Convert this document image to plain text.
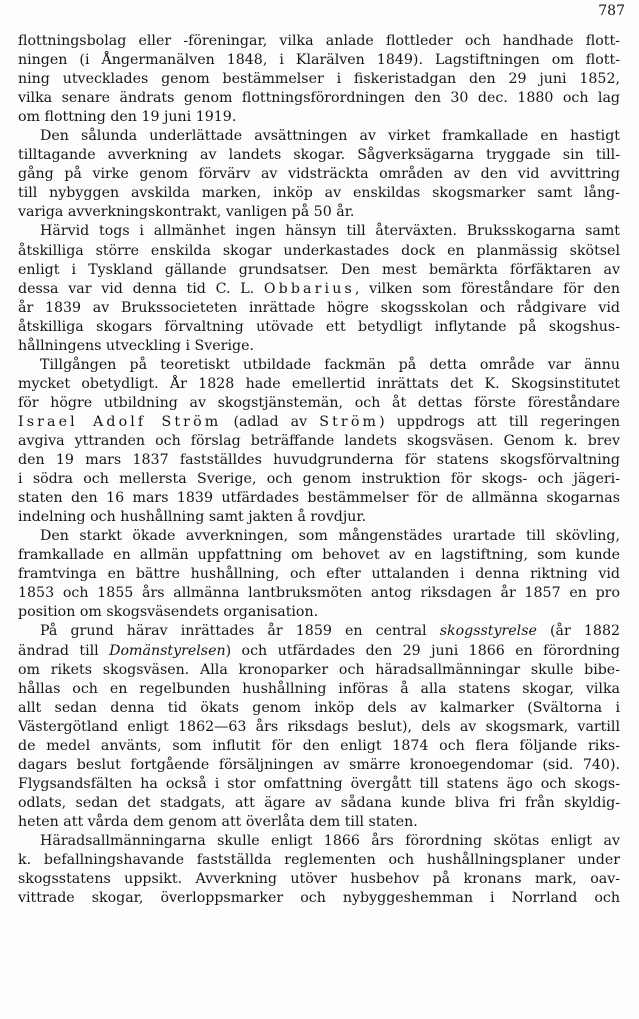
787
flottningsbolag eller -föreningar, vilka anlade flottleder och handhade flott-
ningen (i Ångermanälven 1848, i Klarälven 1849). Lagstiftningen om flott-
ning utvecklades genom bestämmelser i fiskeristadgan den 29 juni 1852,
vilka senare ändrats genom flottningsförordningen den 30 dec. 1880 och lag
om flottning den 19 juni 1919.
Den sålunda underlättade avsättningen av virket framkallade en hastigt
tilltagande avverkning av landets skogar. Sågverksägarna tryggade sin till-
gång på virke genom förvärv av vidsträckta områden av den vid avvittring
till nybyggen avskilda marken, inköp av enskildas skogsmarker samt lång-
variga avverkningskontrakt, vanligen på 50 år.
Härvid togs i allmänhet ingen hänsyn till återväxten. Bruksskogarna samt
åtskilliga större enskilda skogar underkastades dock en planmässig skötsel
enligt i Tyskland gällande grundsatser. Den mest bemärkta förfäktaren av
dessa var vid denna tid C. L. Obbarius, vilken som föreståndare för den
år 1839 av Brukssocieteten inrättade högre skogsskolan och rådgivare vid
åtskilliga skogars förvaltning utövade ett betydligt inflytande på skogshus-
hållningens utveckling i Sverige.
Tillgången på teoretiskt utbildade fackmän på detta område var ännu
mycket obetydligt. År 1828 hade emellertid inrättats det K. Skogsinstitutet
för högre utbildning av skogstjänstemän, och åt dettas förste föreståndare
Israel Adolf Ström (adlad av Ström) uppdrogs att till regeringen
avgiva yttranden och förslag beträffande landets skogsväsen. Genom k. brev
den 19 mars 1837 fastställdes huvudgrunderna för statens skogsförvaltning
i södra och mellersta Sverige, och genom instruktion för skogs- och jägeri-
staten den 16 mars 1839 utfärdades bestämmelser för de allmänna skogarnas
indelning och hushållning samt jakten å rovdjur.
Den starkt ökade avverkningen, som mångenstädes urartade till skövling,
framkallade en allmän uppfattning om behovet av en lagstiftning, som kunde
framtvinga en bättre hushållning, och efter uttalanden i denna riktning vid
1853 och 1855 års allmänna lantbruksmöten antog riksdagen år 1857 en pro
position om skogsväsendets organisation.
På grund härav inrättades år 1859 en central skogsstyrelse (år 1882
ändrad till Domänstyrelsen) och utfärdades den 29 juni 1866 en förordning
om rikets skogsväsen. Alla kronoparker och häradsallmänningar skulle bibe-
hållas och en regelbunden hushållning införas å alla statens skogar, vilka
allt sedan denna tid ökats genom inköp dels av kalmarker (Svältorna i
Västergötland enligt 1862—63 års riksdags beslut), dels av skogsmark, vartill
de medel använts, som influtit för den enligt 1874 och flera följande riks-
dagars beslut fortgående försäljningen av smärre kronoegendomar (sid. 740).
Flygsandsfälten ha också i stor omfattning övergått till statens ägo och skogs-
odlats, sedan det stadgats, att ägare av sådana kunde bliva fri från skyldig-
heten att vårda dem genom att överlåta dem till staten.
Häradsallmänningarna skulle enligt 1866 års förordning skötas enligt av
k. befallningshavande fastställda reglementen och hushållningsplaner under
skogsstatens uppsikt. Avverkning utöver husbehov på kronans mark, oav-
vittrade skogar, överloppsmarker och nybyggeshemman i Norrland och
